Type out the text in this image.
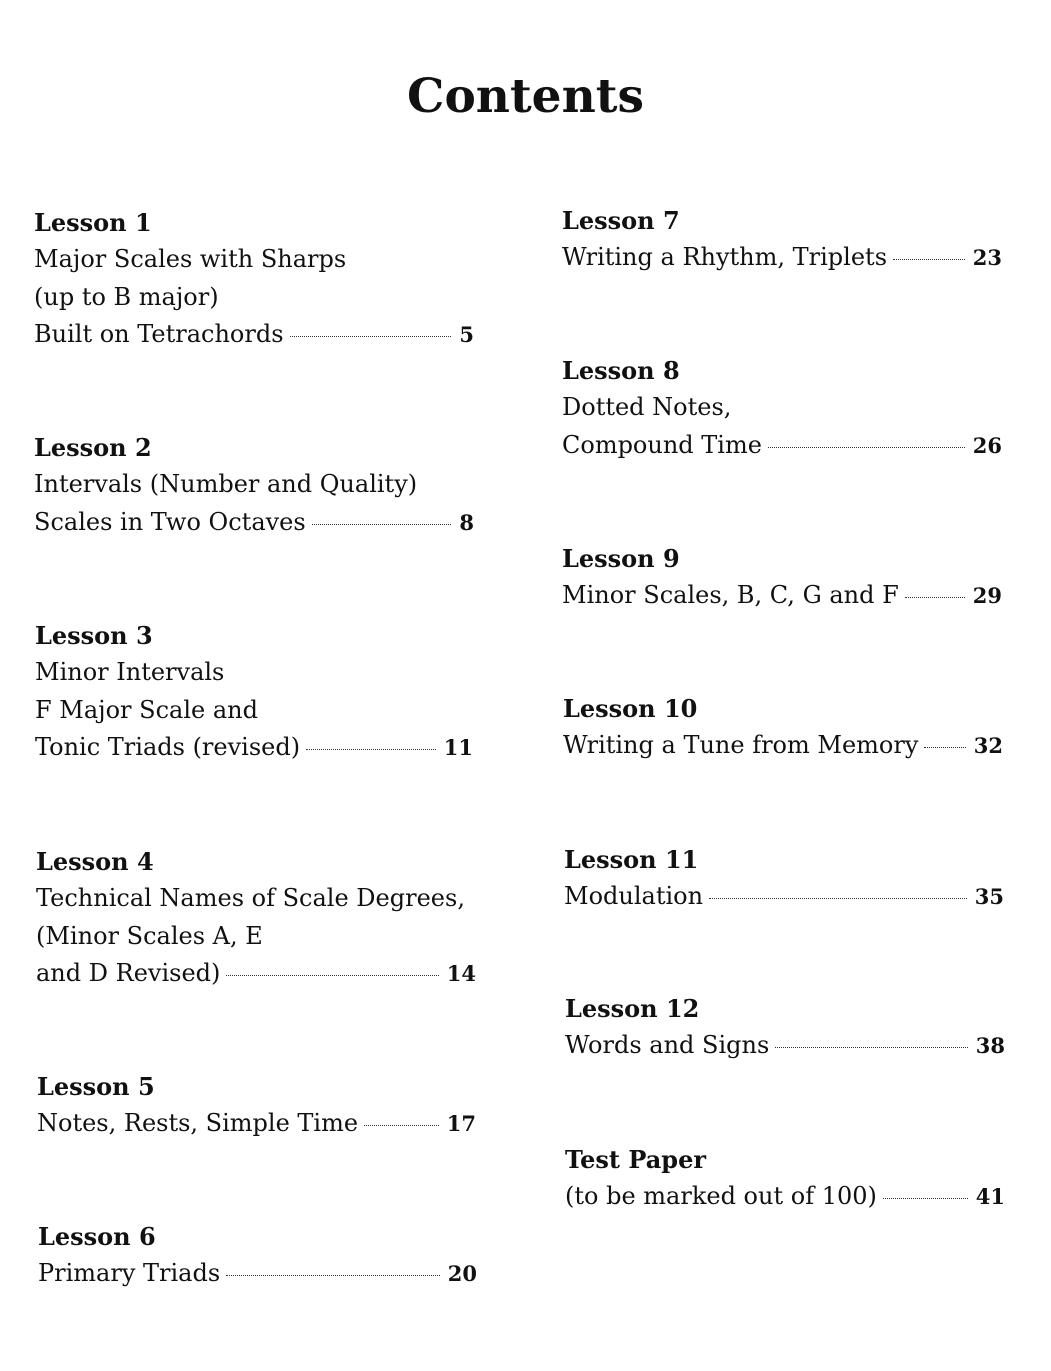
Contents
Lesson 1
Major Scales with Sharps
(up to B major)
Built on Tetrachords	5
Lesson 2
Intervals (Number and Quality)
Scales in Two Octaves	8
Lesson 3
Minor Intervals
F Major Scale and
Tonic Triads (revised)	11
Lesson 4
Technical Names of Scale Degrees,
(Minor Scales A, E
and D Revised)	14
Lesson 5
Notes, Rests, Simple Time	17
Lesson 6
Primary Triads	20
Lesson 7
Writing a Rhythm, Triplets	23
Lesson 8
Dotted Notes,
Compound Time	26
Lesson 9
Minor Scales, B, C, G and F	29
Lesson 10
Writing a Tune from Memory	32
Lesson 11
Modulation	35
Lesson 12
Words and Signs	38
Test Paper
(to be marked out of 100)	41
